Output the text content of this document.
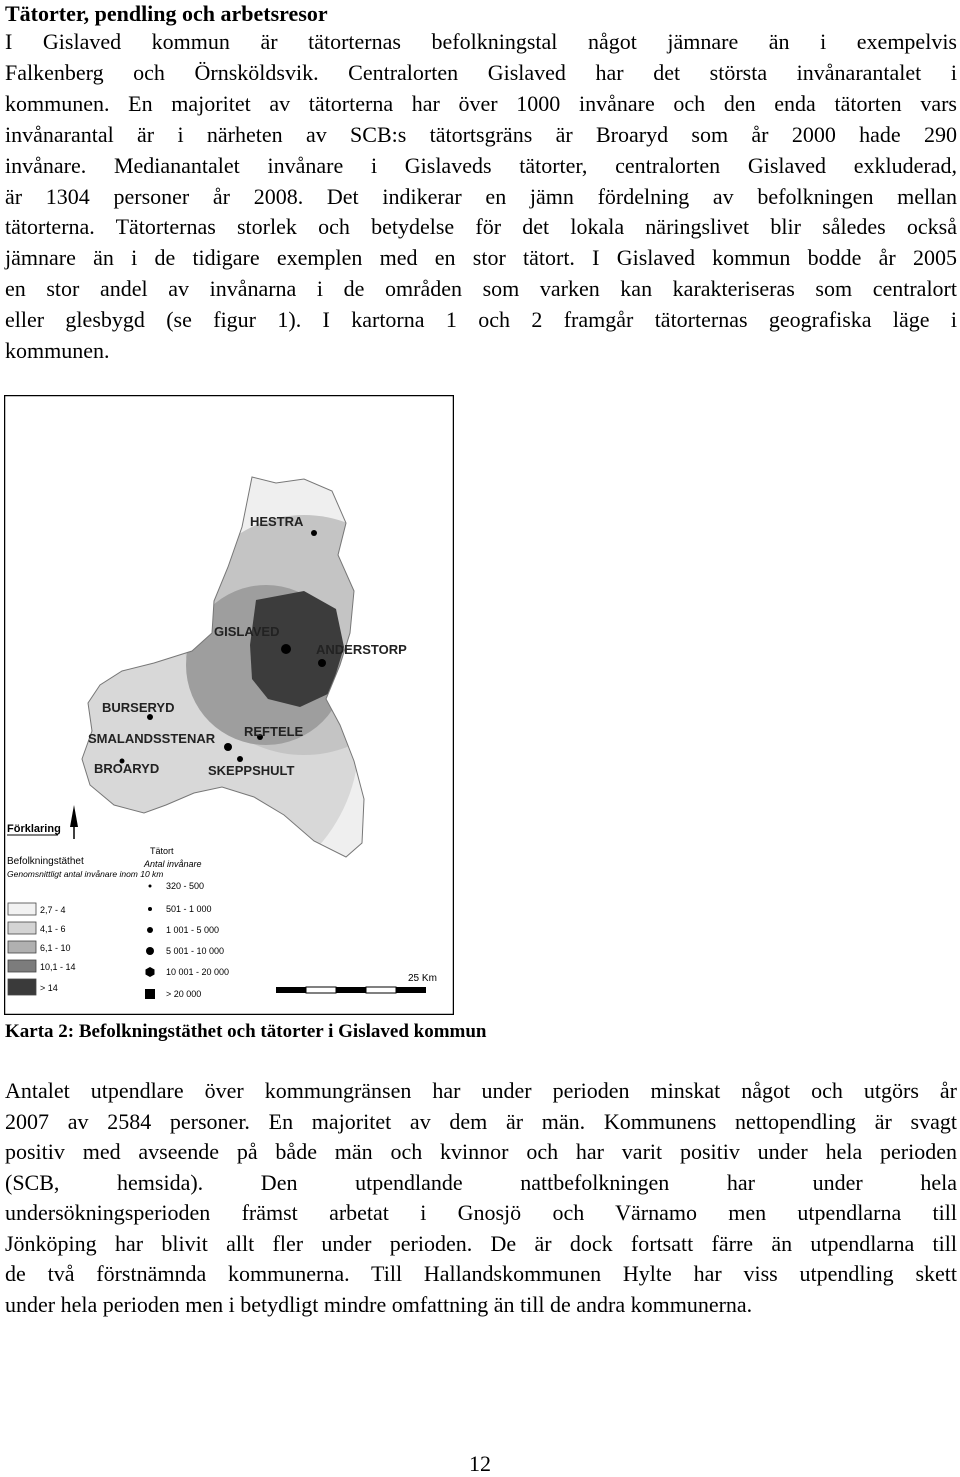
Tätorter, pendling och arbetsresor
I Gislaved kommun är tätorternas befolkningstal något jämnare än i exempelvis
Falkenberg och Örnsköldsvik. Centralorten Gislaved har det största invånarantalet i
kommunen. En majoritet av tätorterna har över 1000 invånare och den enda tätorten vars
invånarantal är i närheten av SCB:s tätortsgräns är Broaryd som år 2000 hade 290
invånare. Medianantalet invånare i Gislaveds tätorter, centralorten Gislaved exkluderad,
är 1304 personer år 2008. Det indikerar en jämn fördelning av befolkningen mellan
tätorterna. Tätorternas storlek och betydelse för det lokala näringslivet blir således också
jämnare än i de tidigare exemplen med en stor tätort. I Gislaved kommun bodde år 2005
en stor andel av invånarna i de områden som varken kan karakteriseras som centralort
eller glesbygd (se figur 1). I kartorna 1 och 2 framgår tätorternas geografiska läge i
kommunen.
HESTRA
GISLAVED
ANDERSTORP
BURSERYD
SMALANDSSTENAR REFTELE
BROARYD	SKEPPSHULT
Förklaring
Befolkningstäthet
Genomsnittligt antal invånare inom 10 km
2,7 - 4
4,1 - 6
6,1 - 10
10,1 - 14
> 14
Tätort
Antal invånare
320 - 500
501 - 1 000
1 001 - 5 000
5 001 - 10 000
10 001 - 20 000
> 20 000
25 Km
Karta 2: Befolkningstäthet och tätorter i Gislaved kommun
Antalet utpendlare över kommungränsen har under perioden minskat något och utgörs år
2007 av 2584 personer. En majoritet av dem är män. Kommunens nettopendling är svagt
positiv med avseende på både män och kvinnor och har varit positiv under hela perioden
(SCB, hemsida). Den utpendlande nattbefolkningen har under hela
undersökningsperioden främst arbetat i Gnosjö och Värnamo men utpendlarna till
Jönköping har blivit allt fler under perioden. De är dock fortsatt färre än utpendlarna till
de två förstnämnda kommunerna. Till Hallandskommunen Hylte har viss utpendling skett
under hela perioden men i betydligt mindre omfattning än till de andra kommunerna.
12
